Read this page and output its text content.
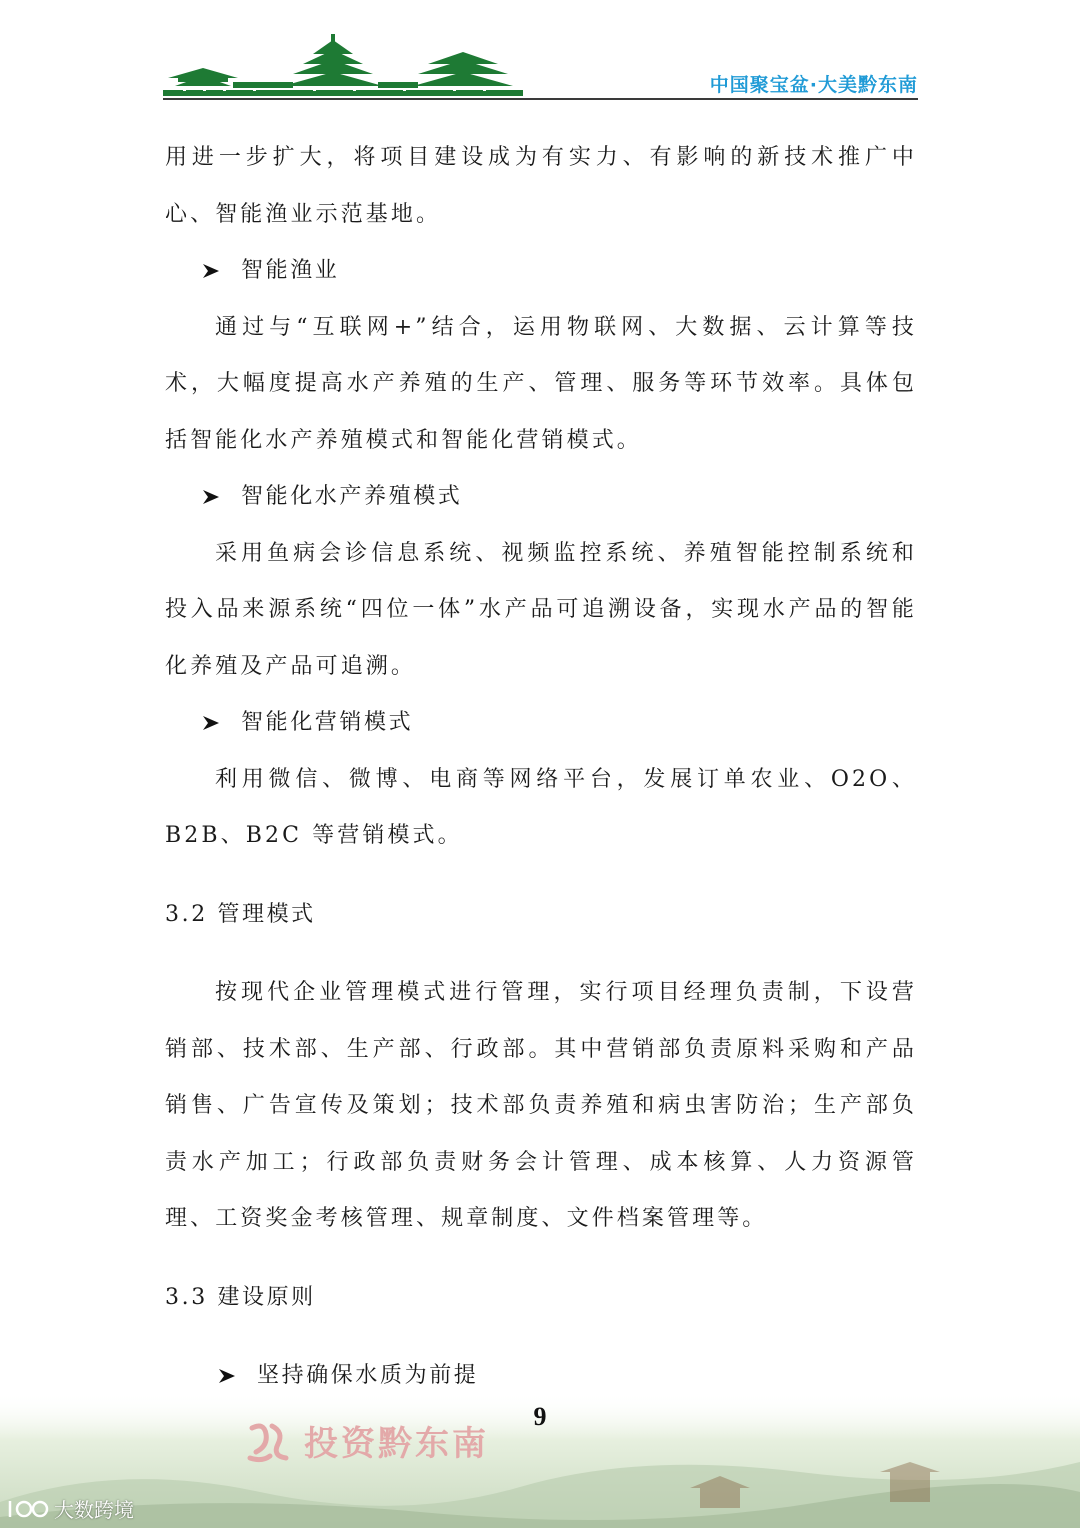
中国聚宝盆·大美黔东南

用进一步扩大，将项目建设成为有实力、有影响的新技术推广中心、智能渔业示范基地。

智能渔业

通过与“互联网+”结合，运用物联网、大数据、云计算等技术，大幅度提高水产养殖的生产、管理、服务等环节效率。具体包括智能化水产养殖模式和智能化营销模式。

智能化水产养殖模式

采用鱼病会诊信息系统、视频监控系统、养殖智能控制系统和投入品来源系统“四位一体”水产品可追溯设备，实现水产品的智能化养殖及产品可追溯。

智能化营销模式

利用微信、微博、电商等网络平台，发展订单农业、O2O、B2B、B2C 等营销模式。

3.2 管理模式

按现代企业管理模式进行管理，实行项目经理负责制，下设营销部、技术部、生产部、行政部。其中营销部负责原料采购和产品销售、广告宣传及策划；技术部负责养殖和病虫害防治；生产部负责水产加工；行政部负责财务会计管理、成本核算、人力资源管理、工资奖金考核管理、规章制度、文件档案管理等。

3.3 建设原则

坚持确保水质为前提
9
投资黔东南
大数跨境
